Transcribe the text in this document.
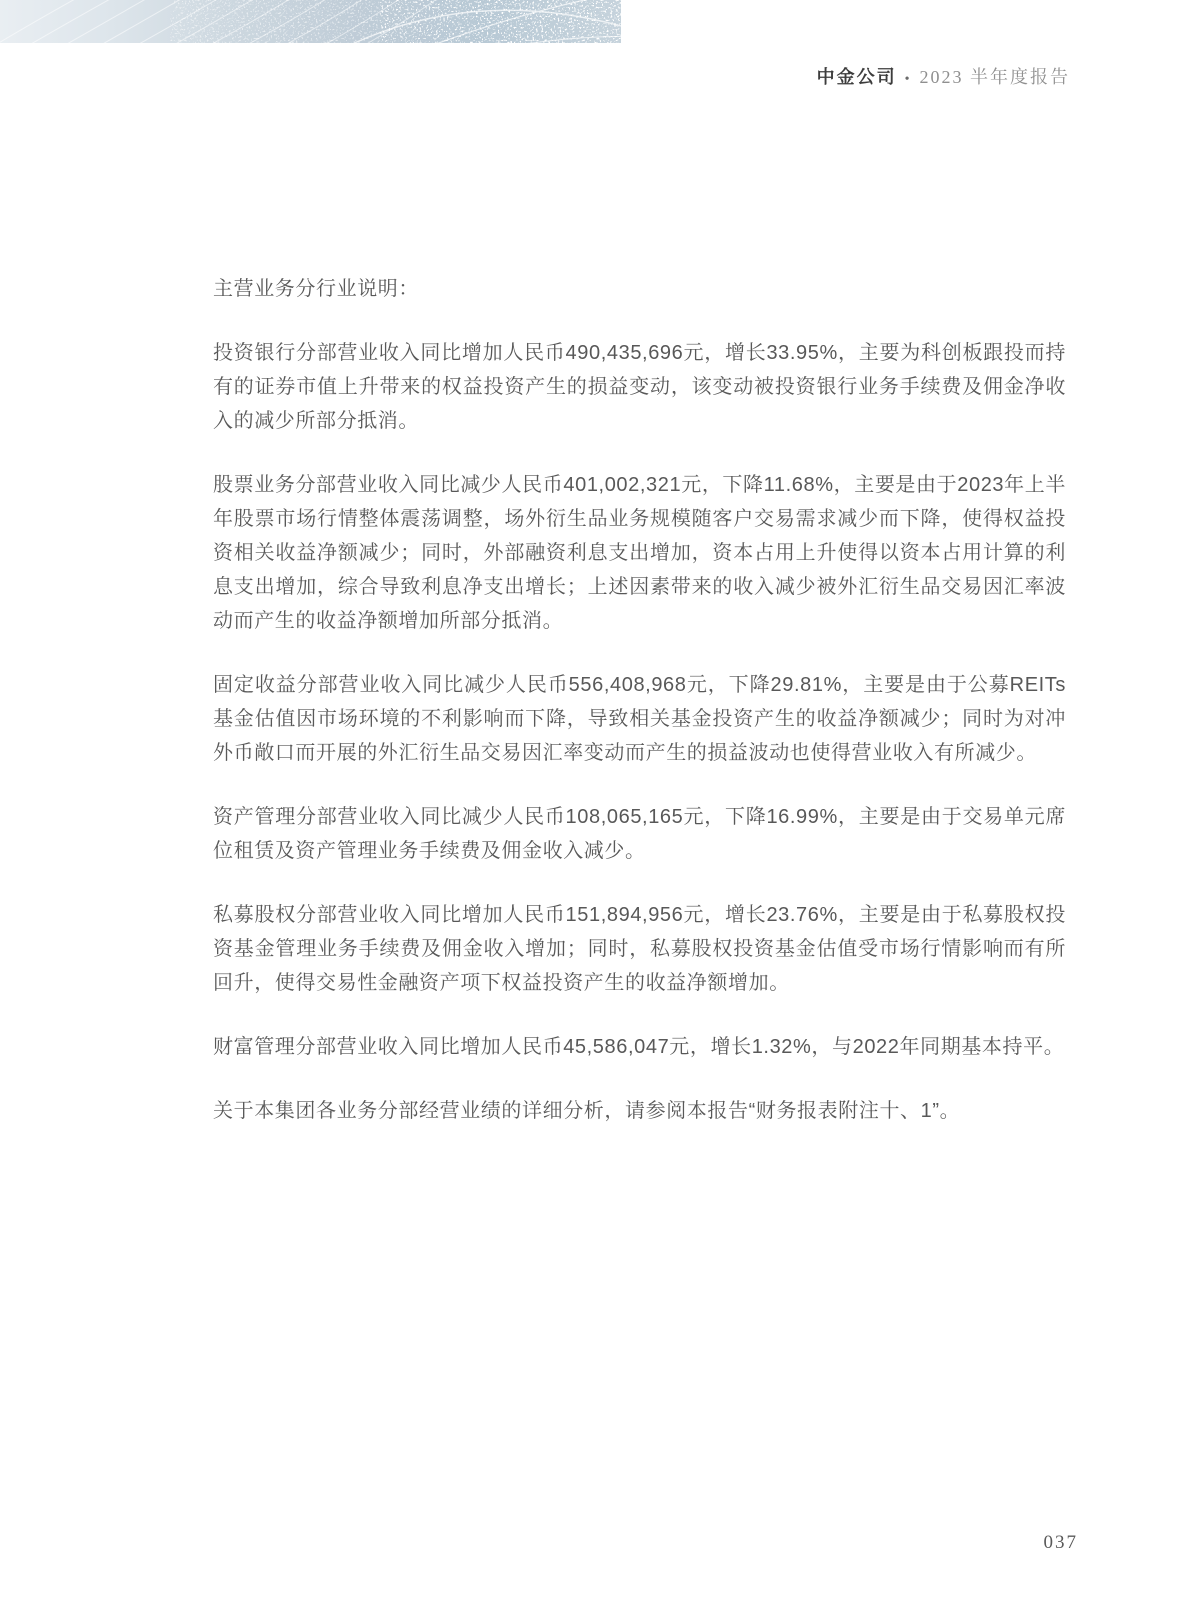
中金公司 • 2023 半年度报告

主营业务分行业说明：

投资银行分部营业收入同比增加人民币490,435,696元，增长33.95%，主要为科创板跟投而持有的证券市值上升带来的权益投资产生的损益变动，该变动被投资银行业务手续费及佣金净收入的减少所部分抵消。

股票业务分部营业收入同比减少人民币401,002,321元，下降11.68%，主要是由于2023年上半年股票市场行情整体震荡调整，场外衍生品业务规模随客户交易需求减少而下降，使得权益投资相关收益净额减少；同时，外部融资利息支出增加，资本占用上升使得以资本占用计算的利息支出增加，综合导致利息净支出增长；上述因素带来的收入减少被外汇衍生品交易因汇率波动而产生的收益净额增加所部分抵消。

固定收益分部营业收入同比减少人民币556,408,968元，下降29.81%，主要是由于公募REITs基金估值因市场环境的不利影响而下降，导致相关基金投资产生的收益净额减少；同时为对冲外币敞口而开展的外汇衍生品交易因汇率变动而产生的损益波动也使得营业收入有所减少。

资产管理分部营业收入同比减少人民币108,065,165元，下降16.99%，主要是由于交易单元席位租赁及资产管理业务手续费及佣金收入减少。

私募股权分部营业收入同比增加人民币151,894,956元，增长23.76%，主要是由于私募股权投资基金管理业务手续费及佣金收入增加；同时，私募股权投资基金估值受市场行情影响而有所回升，使得交易性金融资产项下权益投资产生的收益净额增加。

财富管理分部营业收入同比增加人民币45,586,047元，增长1.32%，与2022年同期基本持平。

关于本集团各业务分部经营业绩的详细分析，请参阅本报告“财务报表附注十、1”。

037
